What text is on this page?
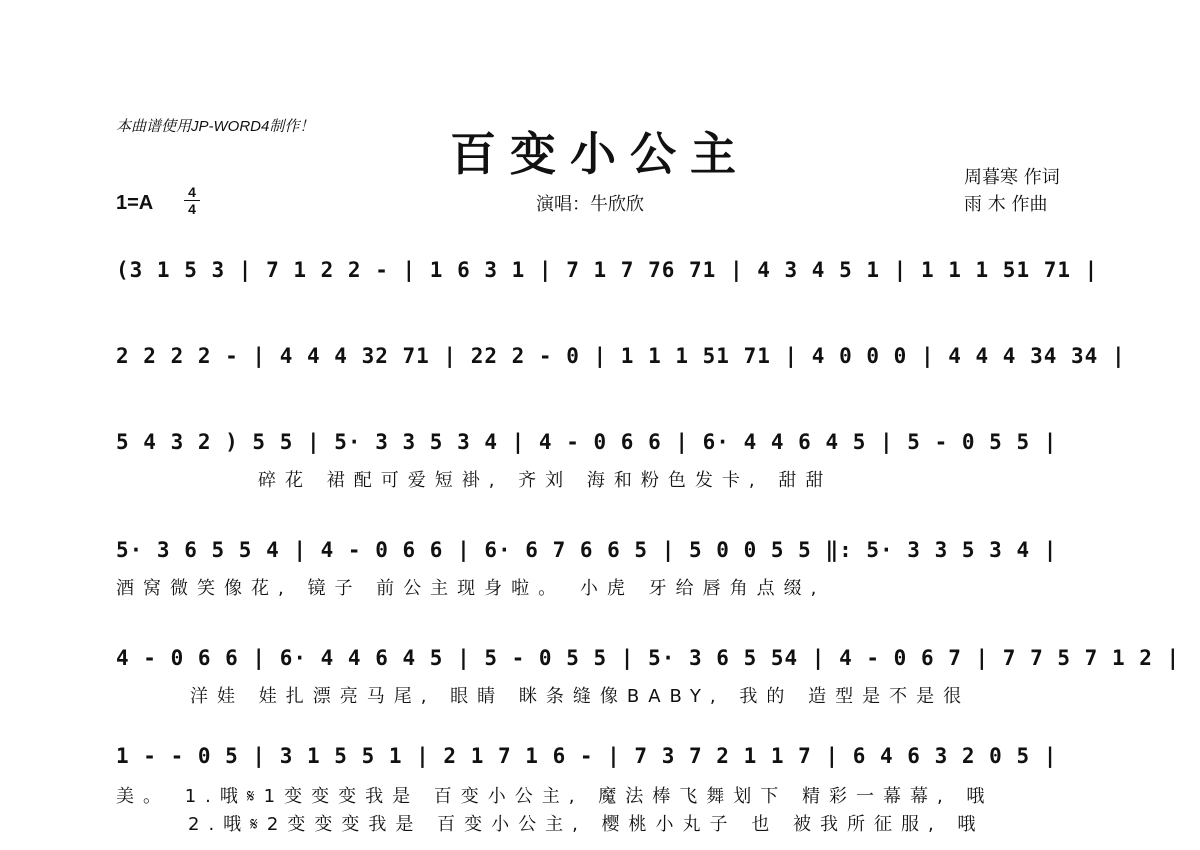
本曲谱使用JP-WORD4制作！
百变小公主
1=A 4
4	演唱：牛欣欣
周暮寒 作词
雨 木 作曲
(3 1 5 3 | 7 1 2 2 - | 1 6 3 1 | 7 1 7 76 71 | 4 3 4 5 1 | 1 1 1 51 71 |
2 2 2 2 - | 4 4 4 32 71 | 22 2 - 0 | 1 1 1 51 71 | 4 0 0 0 | 4 4 4 34 34 |
5 4 3 2 ) 5 5 | 5· 3 3 5 3 4 | 4 - 0 6 6 | 6· 4 4 6 4 5 | 5 - 0 5 5 |
碎花 裙配可爱短褂, 齐刘 海和粉色发卡, 甜甜
5· 3 6 5 5 4 | 4 - 0 6 6 | 6· 6 7 6 6 5 | 5 0 0 5 5 ‖: 5· 3 3 5 3 4 |
酒窝微笑像花, 镜子 前公主现身啦。 小虎 牙给唇角点缀,
4 - 0 6 6 | 6· 4 4 6 4 5 | 5 - 0 5 5 | 5· 3 6 5 54 | 4 - 0 6 7 | 7 7 5 7 1 2 |
洋娃 娃扎漂亮马尾, 眼睛 眯条缝像BABY, 我的 造型是不是很
1 - - 0 5 | 3 1 5 5 1 | 2 1 7 1 6 - | 7 3 7 2 1 1 7 | 6 4 6 3 2 0 5 |
美。 1.哦𝄋1变变变我是 百变小公主, 魔法棒飞舞划下 精彩一幕幕, 哦
2.哦𝄋2变变变我是 百变小公主, 樱桃小丸子 也 被我所征服, 哦
